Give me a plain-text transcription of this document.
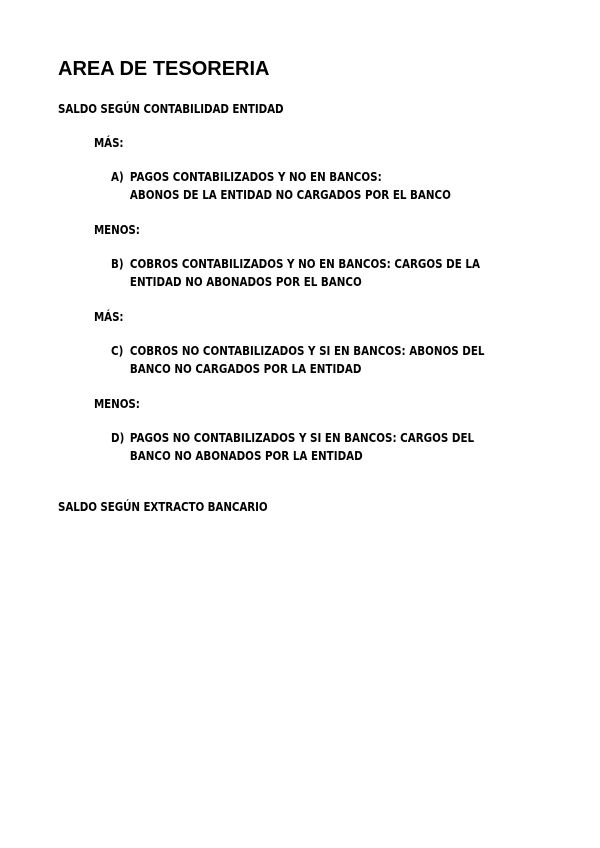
AREA DE TESORERIA
SALDO SEGÚN CONTABILIDAD ENTIDAD
MÁS:
A) PAGOS CONTABILIZADOS Y NO EN BANCOS:
ABONOS DE LA ENTIDAD NO CARGADOS POR EL BANCO
MENOS:
B) COBROS CONTABILIZADOS Y NO EN BANCOS: CARGOS DE LA
ENTIDAD NO ABONADOS POR EL BANCO
MÁS:
C) COBROS NO CONTABILIZADOS Y SI EN BANCOS: ABONOS DEL
BANCO NO CARGADOS POR LA ENTIDAD
MENOS:
D) PAGOS NO CONTABILIZADOS Y SI EN BANCOS: CARGOS DEL
BANCO NO ABONADOS POR LA ENTIDAD
SALDO SEGÚN EXTRACTO BANCARIO
